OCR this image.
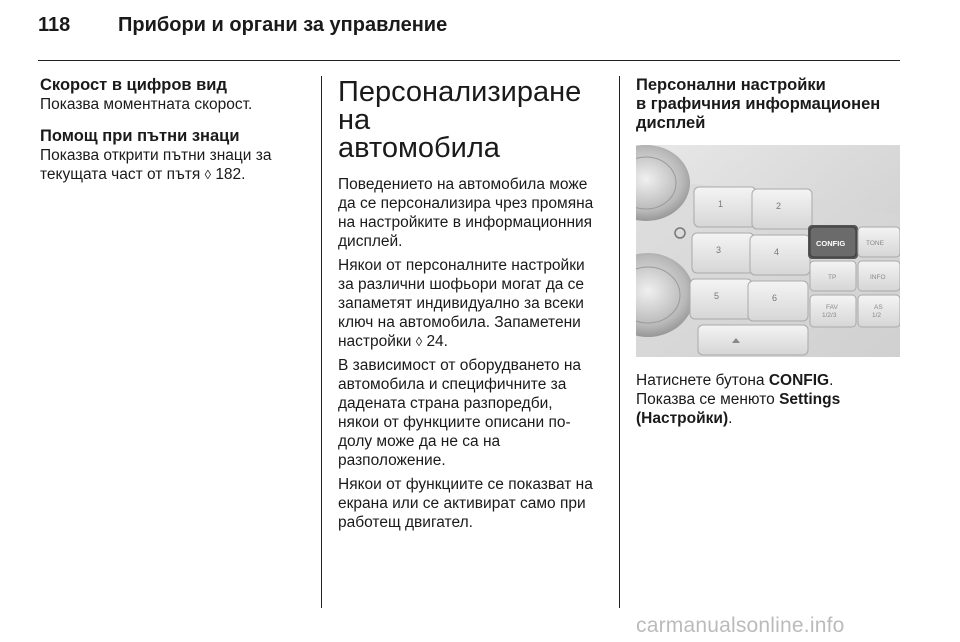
118 Прибори и органи за управление

Скорост в цифров вид

Показва моментната скорост.

Помощ при пътни знаци

Показва открити пътни знаци за
текущата част от пътя ◊ 182.

Персонализиране на
автомобила

Поведението на автомобила може
да се персонализира чрез промяна
на настройките в информационния
дисплей.

Някои от персоналните настройки
за различни шофьори могат да се
запаметят индивидуално за всеки
ключ на автомобила. Запаметени
настройки ◊ 24.

В зависимост от оборудването на
автомобила и специфичните за
дадената страна разпоредби,
някои от функциите описани по-
долу може да не са на
разположение.

Някои от функциите се показват на
екрана или се активират само при
работещ двигател.

Персонални настройки
в графичния информационен
дисплей

1	2
3	4
5	6
CONFIG	TONE
TP	INFO
FAV
1/2/3
AS
1/2

Натиснете бутона CONFIG.
Показва се менюто Settings
(Настройки).

carmanualsonline.info
